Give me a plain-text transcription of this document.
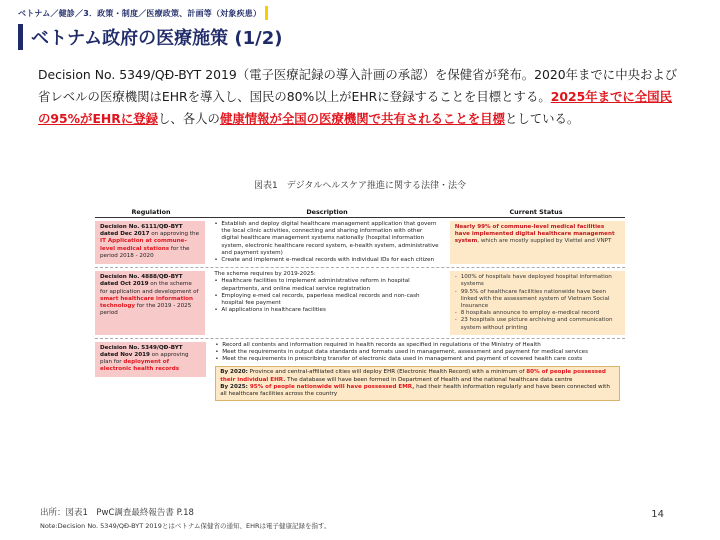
ベトナム／健診／3．政策・制度／医療政策、計画等（対象疾患）
ベトナム政府の医療施策 (1/2)

Decision No. 5349/QĐ-BYT 2019（電子医療記録の導入計画の承認）を保健省が発布。2020年までに中央および省レベルの医療機関はEHRを導入し、国民の80%以上がEHRに登録することを目標とする。2025年までに全国民の95%がEHRに登録し、各人の健康情報が全国の医療機関で共有されることを目標としている。

図表1　デジタルヘルスケア推進に関する法律・法令
Regulation	Description	Current Status
Decision No. 6111/QĐ-BYT dated Dec 2017 on approving the IT Application at commune-level medical stations for the period 2018 - 2020
• Establish and deploy digital healthcare management application that govern the local clinic activities, connecting and sharing information with other digital healthcare management systems nationally (hospital information system, electronic healthcare record system, e-health system, administrative and payment system)
• Create and implement e-medical records with individual IDs for each citizen
Nearly 99% of commune-level medical facilities have implemented digital healthcare management system, which are mostly supplied by Viettel and VNPT
Decision No. 4888/QĐ-BYT dated Oct 2019 on the scheme for application and development of smart healthcare information technology for the 2019 - 2025 period
The scheme requires by 2019-2025:
• Healthcare facilities to implement administrative reform in hospital departments, and online medical service registration
• Employing e-med cal records, paperless medical records and non-cash hospital fee payment
• AI applications in healthcare facilities
- 100% of hospitals have deployed hospital information systems
- 99.5% of healthcare facilities nationwide have been linked with the assessment system of Vietnam Social Insurance
- 8 hospitals announce to employ e-medical record
- 23 hospitals use picture archiving and communication system without printing
Decision No. 5349/QĐ-BYT dated Nov 2019 on approving plan for deployment of electronic health records
• Record all contents and information required in health records as specified in regulations of the Ministry of Health
• Meet the requirements in output data standards and formats used in management, assessment and payment for medical services
• Meet the requirements in prescribing transfer of electronic data used in management and payment of covered health care costs
By 2020: Province and central-affiliated cities will deploy EHR (Electronic Health Record) with a minimum of 80% of people possessed their individual EHR. The database will have been formed in Department of Health and the national healthcare data centre
By 2025: 95% of people nationwide will have possessed EMR, had their health information regularly and have been connected with all healthcare facilities across the country
出所：図表1　PwC調査最終報告書 P.18
Note:Decision No. 5349/QĐ-BYT 2019とはベトナム保健省の通知、EHRは電子健康記録を指す。
14
